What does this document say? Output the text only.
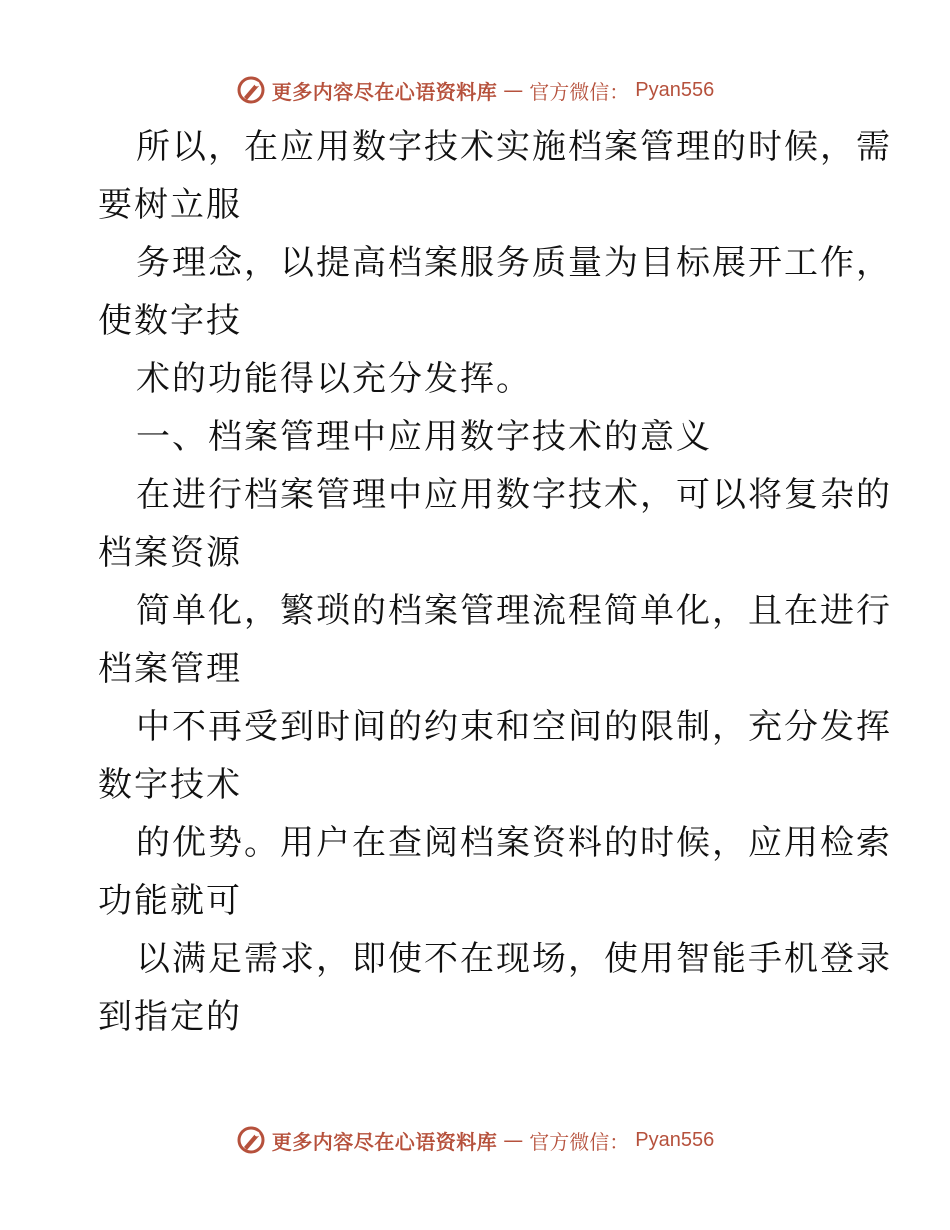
更多内容尽在心语资料库 — 官方微信： Pyan556
所以，在应用数字技术实施档案管理的时候，需
要树立服
务理念，以提高档案服务质量为目标展开工作，
使数字技
术的功能得以充分发挥。
一、档案管理中应用数字技术的意义
在进行档案管理中应用数字技术，可以将复杂的
档案资源
简单化，繁琐的档案管理流程简单化，且在进行
档案管理
中不再受到时间的约束和空间的限制，充分发挥
数字技术
的优势。用户在查阅档案资料的时候，应用检索
功能就可
以满足需求，即使不在现场，使用智能手机登录
到指定的
更多内容尽在心语资料库 — 官方微信： Pyan556
